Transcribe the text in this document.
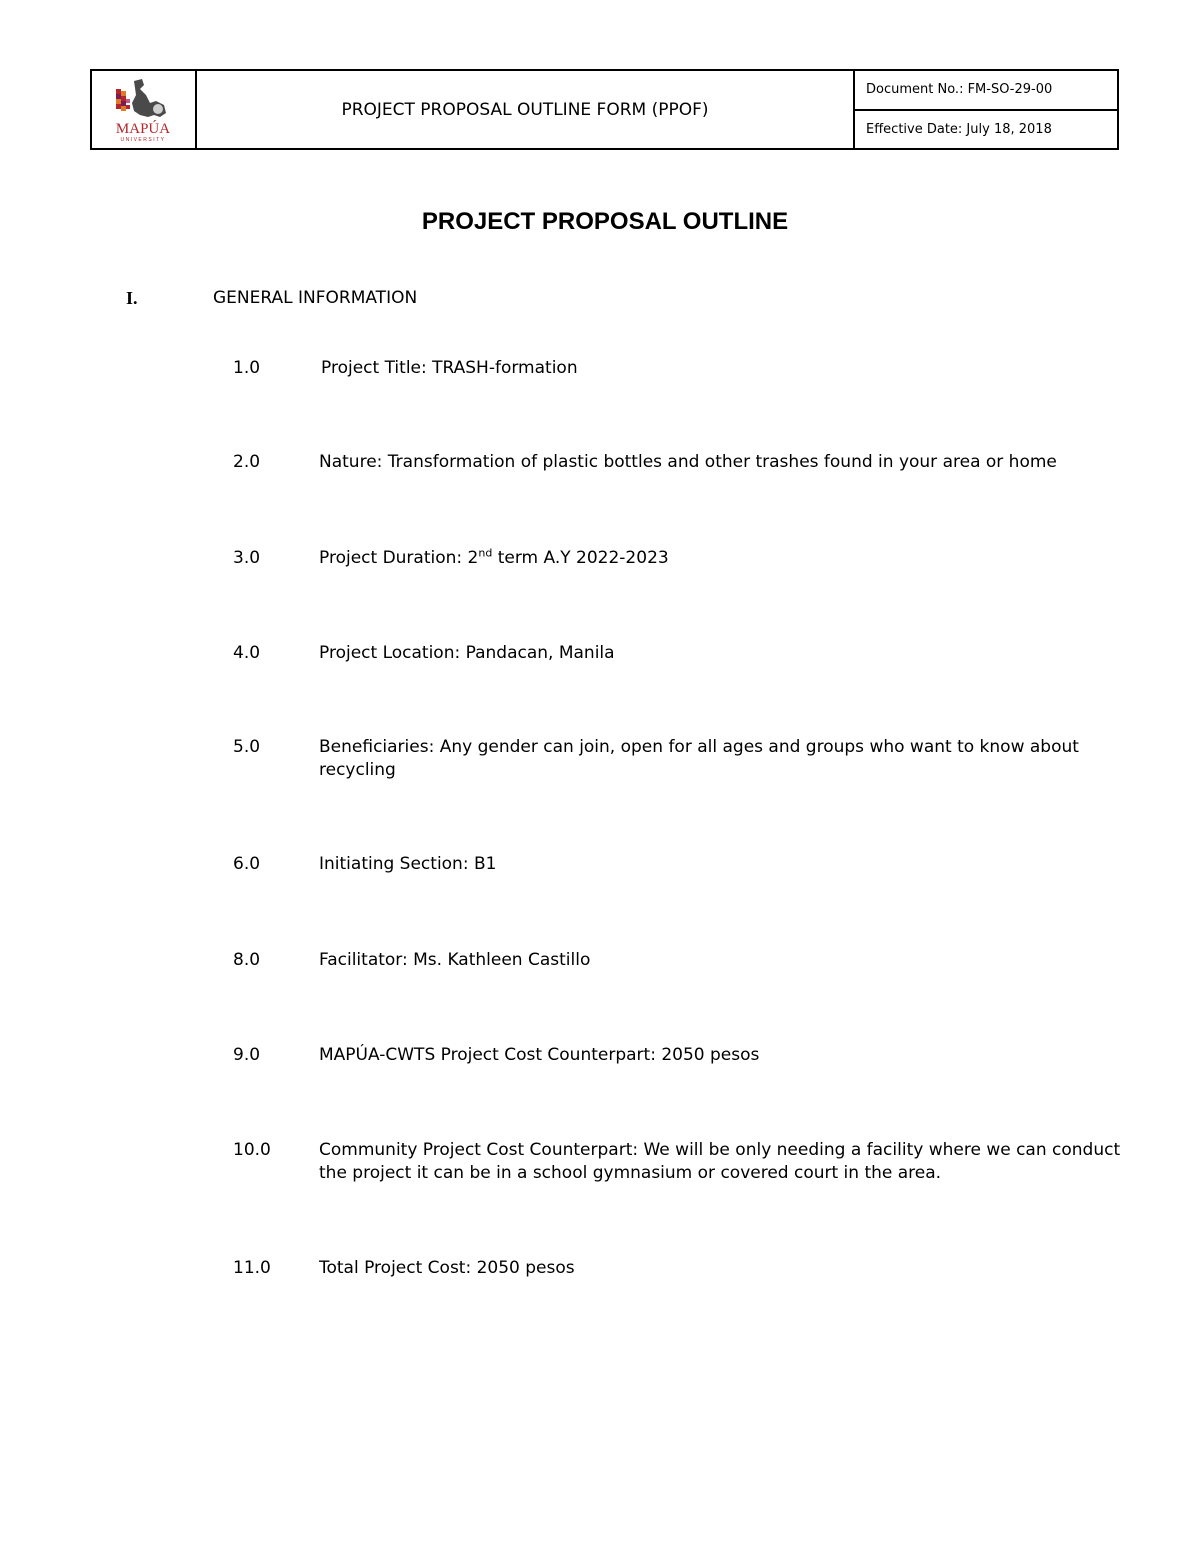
MAPÚA
UNIVERSITY
PROJECT PROPOSAL OUTLINE FORM (PPOF)
Document No.: FM-SO-29-00
Effective Date: July 18, 2018
PROJECT PROPOSAL OUTLINE
I.	GENERAL INFORMATION
1.0	Project Title: TRASH-formation
2.0	Nature: Transformation of plastic bottles and other trashes found in your area or home
3.0	Project Duration: 2nd term A.Y 2022-2023
4.0	Project Location: Pandacan, Manila
5.0	Beneficiaries: Any gender can join, open for all ages and groups who want to know about recycling
6.0	Initiating Section: B1
8.0	Facilitator: Ms. Kathleen Castillo
9.0	MAPÚA-CWTS Project Cost Counterpart: 2050 pesos
10.0	Community Project Cost Counterpart: We will be only needing a facility where we can conduct the project it can be in a school gymnasium or covered court in the area.
11.0	Total Project Cost: 2050 pesos
